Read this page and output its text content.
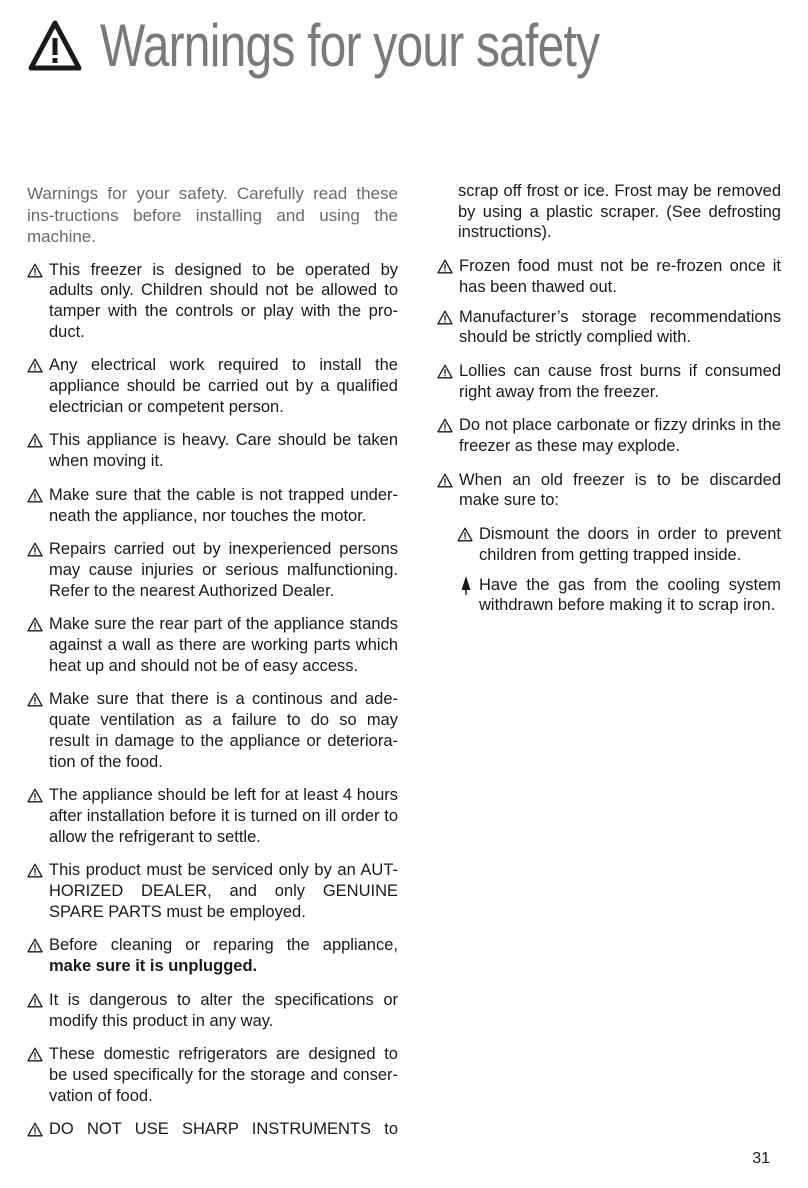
Warnings for your safety
Warnings for your safety. Carefully read these ins-tructions before installing and using the machine.
This freezer is designed to be operated by adults only. Children should not be allowed to tamper with the controls or play with the pro-duct.
Any electrical work required to install the appliance should be carried out by a qualified electrician or competent person.
This appliance is heavy. Care should be taken when moving it.
Make sure that the cable is not trapped under-neath the appliance, nor touches the motor.
Repairs carried out by inexperienced persons may cause injuries or serious malfunctioning. Refer to the nearest Authorized Dealer.
Make sure the rear part of the appliance stands against a wall as there are working parts which heat up and should not be of easy access.
Make sure that there is a continous and ade-quate ventilation as a failure to do so may result in damage to the appliance or deteriora-tion of the food.
The appliance should be left for at least 4 hours after installation before it is turned on ill order to allow the refrigerant to settle.
This product must be serviced only by an AUT-HORIZED DEALER, and only GENUINE SPARE PARTS must be employed.
Before cleaning or reparing the appliance, make sure it is unplugged.
It is dangerous to alter the specifications or modify this product in any way.
These domestic refrigerators are designed to be used specifically for the storage and conser-vation of food.
DO NOT USE SHARP INSTRUMENTS to
scrap off frost or ice. Frost may be removed by using a plastic scraper. (See defrosting instructions).
Frozen food must not be re-frozen once it has been thawed out.
Manufacturer’s storage recommendations should be strictly complied with.
Lollies can cause frost burns if consumed right away from the freezer.
Do not place carbonate or fizzy drinks in the freezer as these may explode.
When an old freezer is to be discarded make sure to:
Dismount the doors in order to prevent children from getting trapped inside.
Have the gas from the cooling system withdrawn before making it to scrap iron.
31
